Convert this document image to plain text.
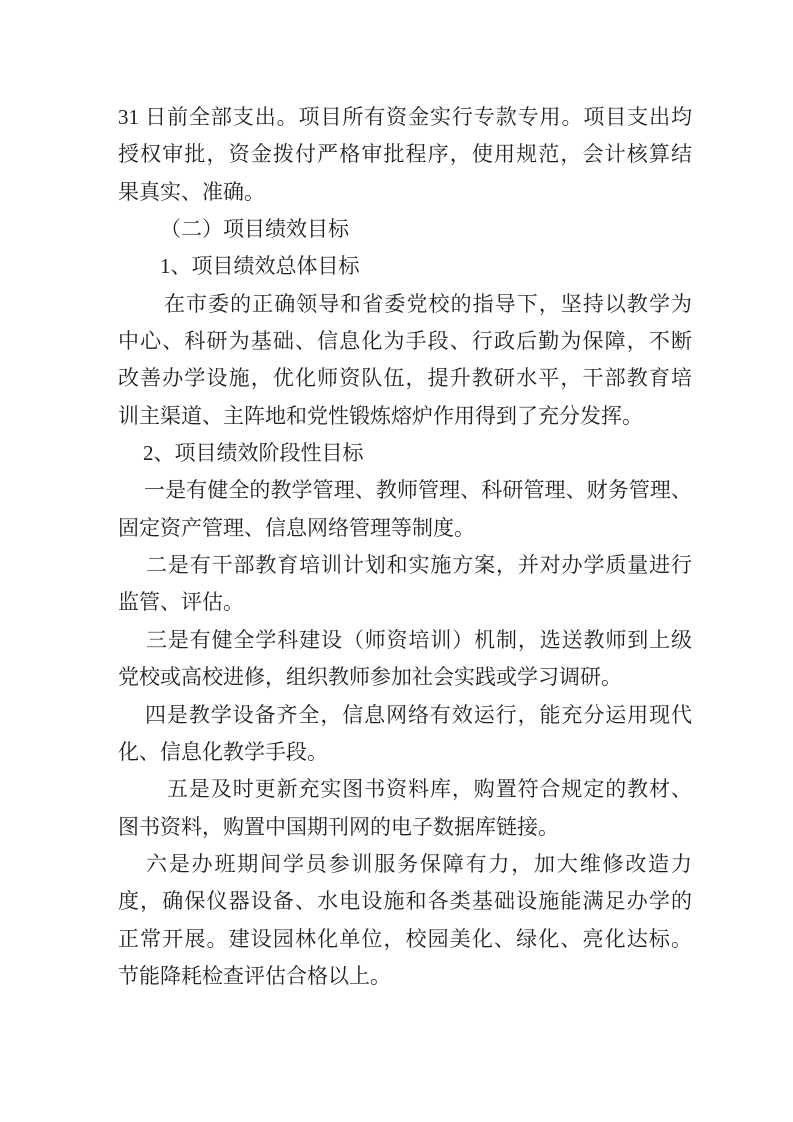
31 日前全部支出。项目所有资金实行专款专用。项目支出均
授权审批，资金拨付严格审批程序，使用规范，会计核算结
果真实、准确。
（二）项目绩效目标
1、项目绩效总体目标
在市委的正确领导和省委党校的指导下，坚持以教学为
中心、科研为基础、信息化为手段、行政后勤为保障，不断
改善办学设施，优化师资队伍，提升教研水平，干部教育培
训主渠道、主阵地和党性锻炼熔炉作用得到了充分发挥。
2、项目绩效阶段性目标
一是有健全的教学管理、教师管理、科研管理、财务管理、
固定资产管理、信息网络管理等制度。
二是有干部教育培训计划和实施方案，并对办学质量进行
监管、评估。
三是有健全学科建设（师资培训）机制，选送教师到上级
党校或高校进修，组织教师参加社会实践或学习调研。
四是教学设备齐全，信息网络有效运行，能充分运用现代
化、信息化教学手段。
五是及时更新充实图书资料库，购置符合规定的教材、
图书资料，购置中国期刊网的电子数据库链接。
六是办班期间学员参训服务保障有力，加大维修改造力
度，确保仪器设备、水电设施和各类基础设施能满足办学的
正常开展。建设园林化单位，校园美化、绿化、亮化达标。
节能降耗检查评估合格以上。
